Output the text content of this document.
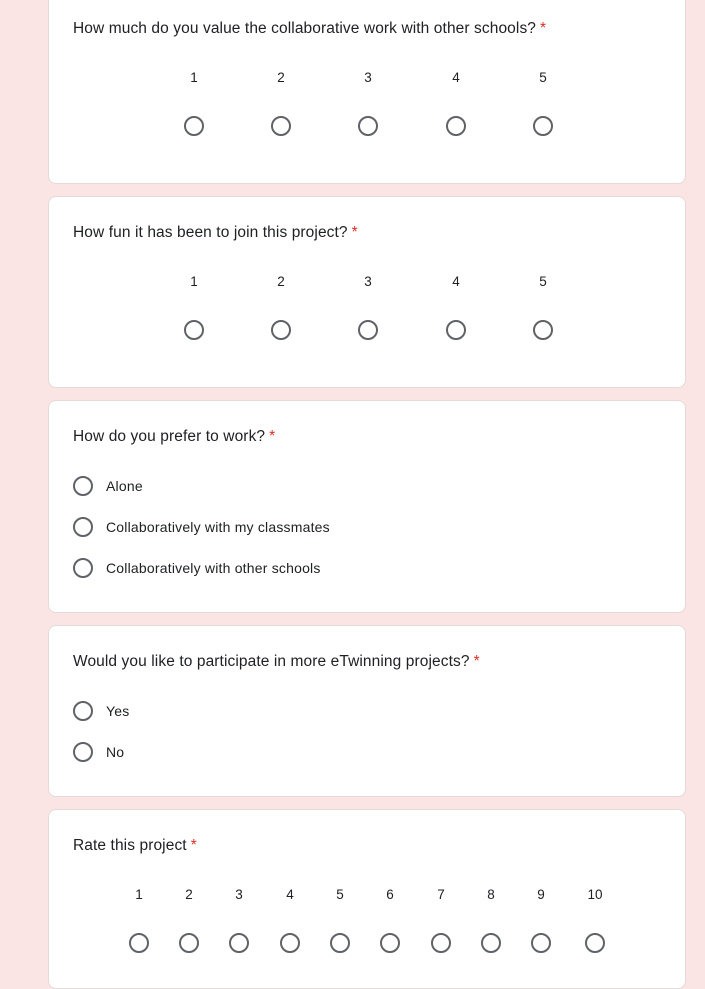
How much do you value the collaborative work with other schools? *
1	2	3	4	5
How fun it has been to join this project? *
1	2	3	4	5
How do you prefer to work? *
Alone
Collaboratively with my classmates
Collaboratively with other schools
Would you like to participate in more eTwinning projects? *
Yes
No
Rate this project *
1	2	3	4	5	6	7	8	9	10
